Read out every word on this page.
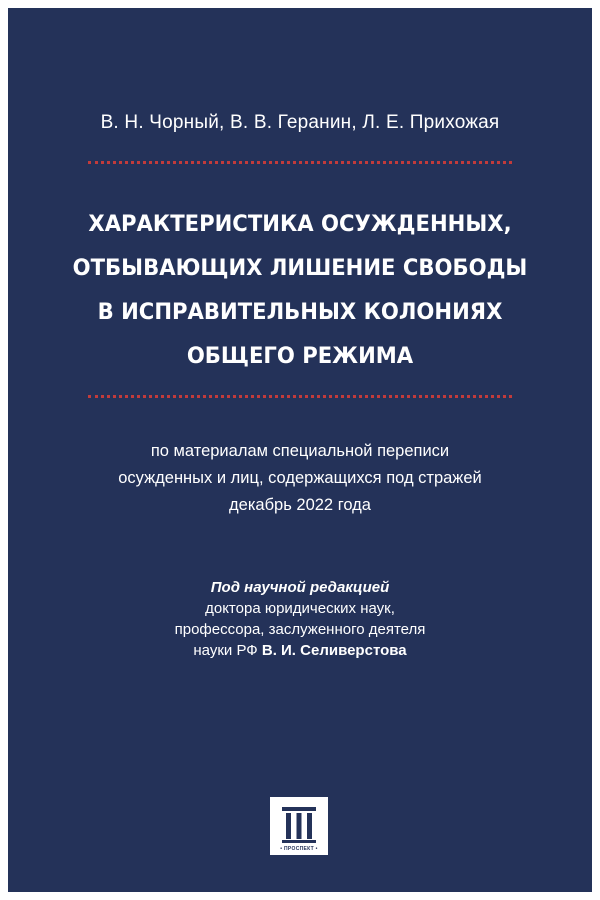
В. Н. Чорный, В. В. Геранин, Л. Е. Прихожая
ХАРАКТЕРИСТИКА ОСУЖДЕННЫХ,
ОТБЫВАЮЩИХ ЛИШЕНИЕ СВОБОДЫ
В ИСПРАВИТЕЛЬНЫХ КОЛОНИЯХ
ОБЩЕГО РЕЖИМА
по материалам специальной переписи
осужденных и лиц, содержащихся под стражей
декабрь 2022 года
Под научной редакцией
доктора юридических наук,
профессора, заслуженного деятеля
науки РФ В. И. Селиверстова
• ПРОСПЕКТ •
